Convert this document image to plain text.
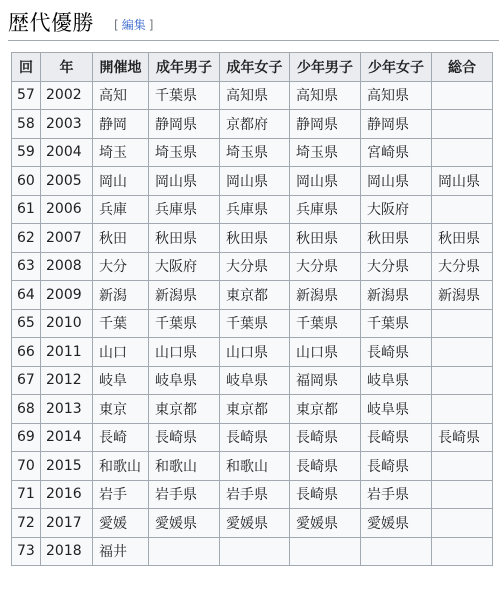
歴代優勝 [ 編集 ]
回	年	開催地	成年男子	成年女子	少年男子	少年女子	総合
57	2002	高知	千葉県	高知県	高知県	高知県	
58	2003	静岡	静岡県	京都府	静岡県	静岡県	
59	2004	埼玉	埼玉県	埼玉県	埼玉県	宮崎県	
60	2005	岡山	岡山県	岡山県	岡山県	岡山県	岡山県
61	2006	兵庫	兵庫県	兵庫県	兵庫県	大阪府	
62	2007	秋田	秋田県	秋田県	秋田県	秋田県	秋田県
63	2008	大分	大阪府	大分県	大分県	大分県	大分県
64	2009	新潟	新潟県	東京都	新潟県	新潟県	新潟県
65	2010	千葉	千葉県	千葉県	千葉県	千葉県	
66	2011	山口	山口県	山口県	山口県	長崎県	
67	2012	岐阜	岐阜県	岐阜県	福岡県	岐阜県	
68	2013	東京	東京都	東京都	東京都	岐阜県	
69	2014	長崎	長崎県	長崎県	長崎県	長崎県	長崎県
70	2015	和歌山	和歌山	和歌山	長崎県	長崎県	
71	2016	岩手	岩手県	岩手県	長崎県	岩手県	
72	2017	愛媛	愛媛県	愛媛県	愛媛県	愛媛県	
73	2018	福井					
